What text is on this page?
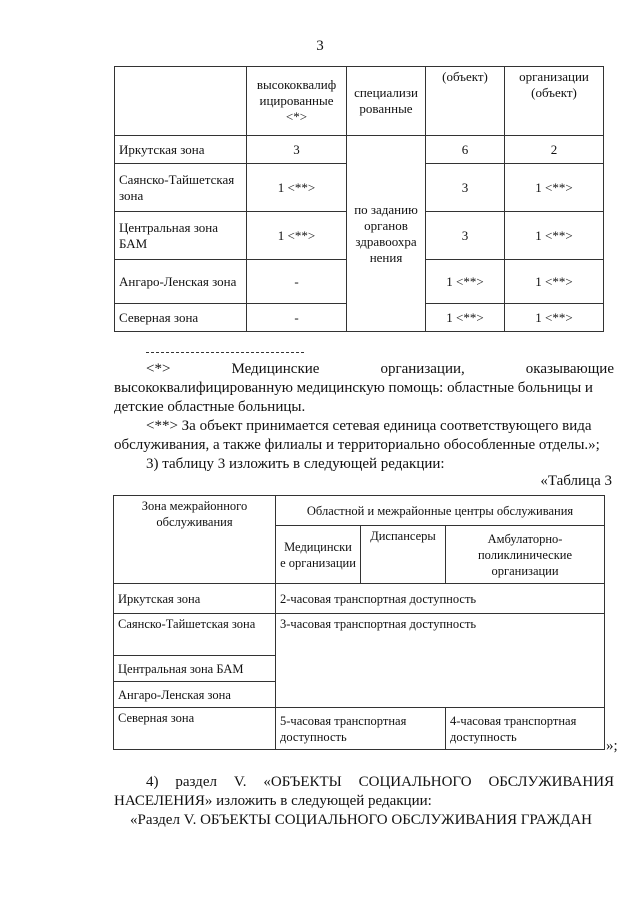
3
	высококвалиф ицированные <*>	специализи рованные	(объект)	организации (объект)
Иркутская зона	3	по заданию органов здравоохра нения	6	2
Саянско-Тайшетская зона	1 <**>		3	1 <**>
Центральная зона БАМ	1 <**>		3	1 <**>
Ангаро-Ленская зона	-		1 <**>	1 <**>
Северная зона	-		1 <**>	1 <**>
<*>	Медицинские	организации,	оказывающие
высококвалифицированную медицинскую помощь: областные больницы и
детские областные больницы.
<**> За объект принимается сетевая единица соответствующего вида
обслуживания, а также филиалы и территориально обособленные отделы.»;
3) таблицу 3 изложить в следующей редакции:
«Таблица 3
Зона межрайонного обслуживания	Областной и межрайонные центры обслуживания		
	Медицински е организации	Диспансеры	Амбулаторно-поликлинические организации
Иркутская зона	2-часовая транспортная доступность		
Саянско-Тайшетская зона	3-часовая транспортная доступность		
Центральная зона БАМ			
Ангаро-Ленская зона			
Северная зона	5-часовая транспортная доступность		4-часовая транспортная доступность
»;
4) раздел V. «ОБЪЕКТЫ СОЦИАЛЬНОГО ОБСЛУЖИВАНИЯ
НАСЕЛЕНИЯ» изложить в следующей редакции:
«Раздел V. ОБЪЕКТЫ СОЦИАЛЬНОГО ОБСЛУЖИВАНИЯ ГРАЖДАН
